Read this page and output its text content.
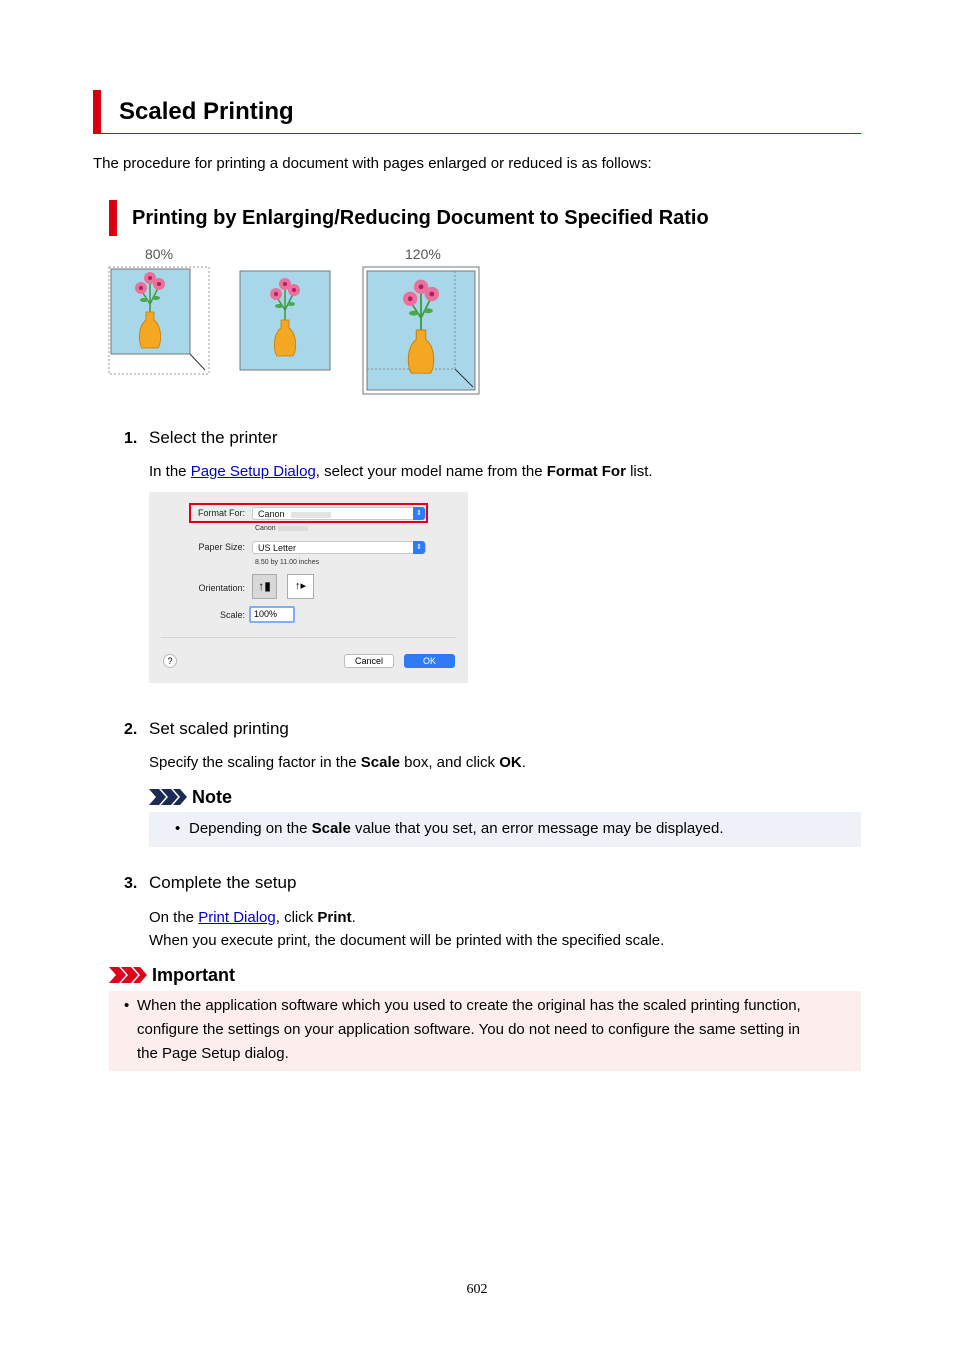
Scaled Printing
The procedure for printing a document with pages enlarged or reduced is as follows:
Printing by Enlarging/Reducing Document to Specified Ratio
80%	120%
1. Select the printer
In the Page Setup Dialog, select your model name from the Format For list.
Format For:	Canon	⇕
Canon
Paper Size:	US Letter	⇕
8.50 by 11.00 inches
Orientation:	↑▮	↑▸
Scale:	100%
?	Cancel	OK
2. Set scaled printing
Specify the scaling factor in the Scale box, and click OK.
Note
• Depending on the Scale value that you set, an error message may be displayed.
3. Complete the setup
On the Print Dialog, click Print.
When you execute print, the document will be printed with the specified scale.
Important
• When the application software which you used to create the original has the scaled printing function,
configure the settings on your application software. You do not need to configure the same setting in
the Page Setup dialog.
602
